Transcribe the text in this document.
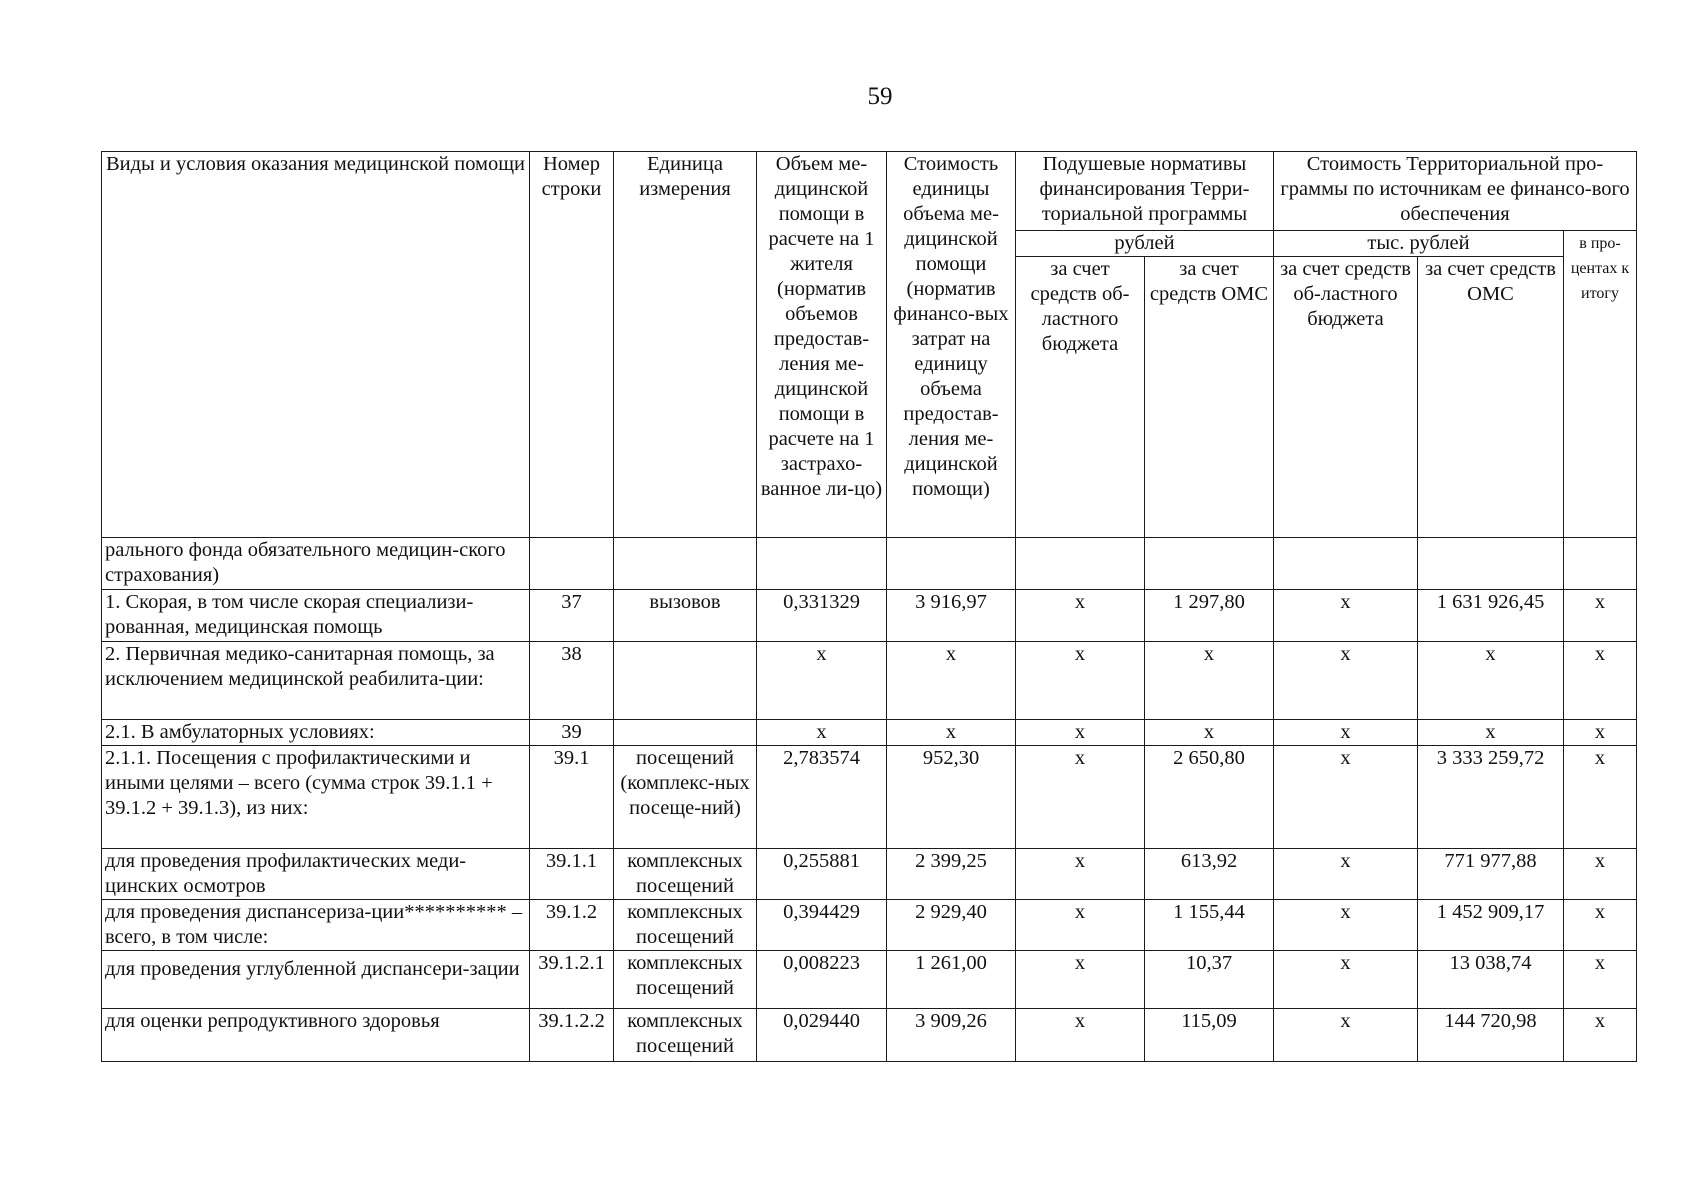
59
Виды и условия оказания медицинской помощи	Номер строки	Единица измерения	Объем ме-дицинской помощи в расчете на 1 жителя (норматив объемов предостав-ления ме-дицинской помощи в расчете на 1 застрахо-ванное ли-цо)	Стоимость единицы объема ме-дицинской помощи (норматив финансо-вых затрат на единицу объема предостав-ления ме-дицинской помощи)	Подушевые нормативы финансирования Терри-ториальной программы		Стоимость Территориальной про-граммы по источникам ее финансо-вого обеспечения		
					рублей		тыс. рублей		в про-центах к итогу
					за счет средств об-ластного бюджета	за счет средств ОМС	за счет средств об-ластного бюджета	за счет средств ОМС	
рального фонда обязательного медицин-ского страхования)									
1. Скорая, в том числе скорая специализи-рованная, медицинская помощь	37	вызовов	0,331329	3 916,97	х	1 297,80	х	1 631 926,45	х
2. Первичная медико-санитарная помощь, за исключением медицинской реабилита-ции:	38		х	х	х	х	х	х	х
2.1. В амбулаторных условиях:	39		х	х	х	х	х	х	х
2.1.1. Посещения с профилактическими и иными целями – всего (сумма строк 39.1.1 + 39.1.2 + 39.1.3), из них:	39.1	посещений (комплекс-ных посеще-ний)	2,783574	952,30	х	2 650,80	х	3 333 259,72	х
для проведения профилактических меди-цинских осмотров	39.1.1	комплексных посещений	0,255881	2 399,25	х	613,92	х	771 977,88	х
для проведения диспансериза-ции********** – всего, в том числе:	39.1.2	комплексных посещений	0,394429	2 929,40	х	1 155,44	х	1 452 909,17	х
для проведения углубленной диспансери-зации	39.1.2.1	комплексных посещений	0,008223	1 261,00	х	10,37	х	13 038,74	х
для оценки репродуктивного здоровья	39.1.2.2	комплексных посещений	0,029440	3 909,26	х	115,09	х	144 720,98	х
